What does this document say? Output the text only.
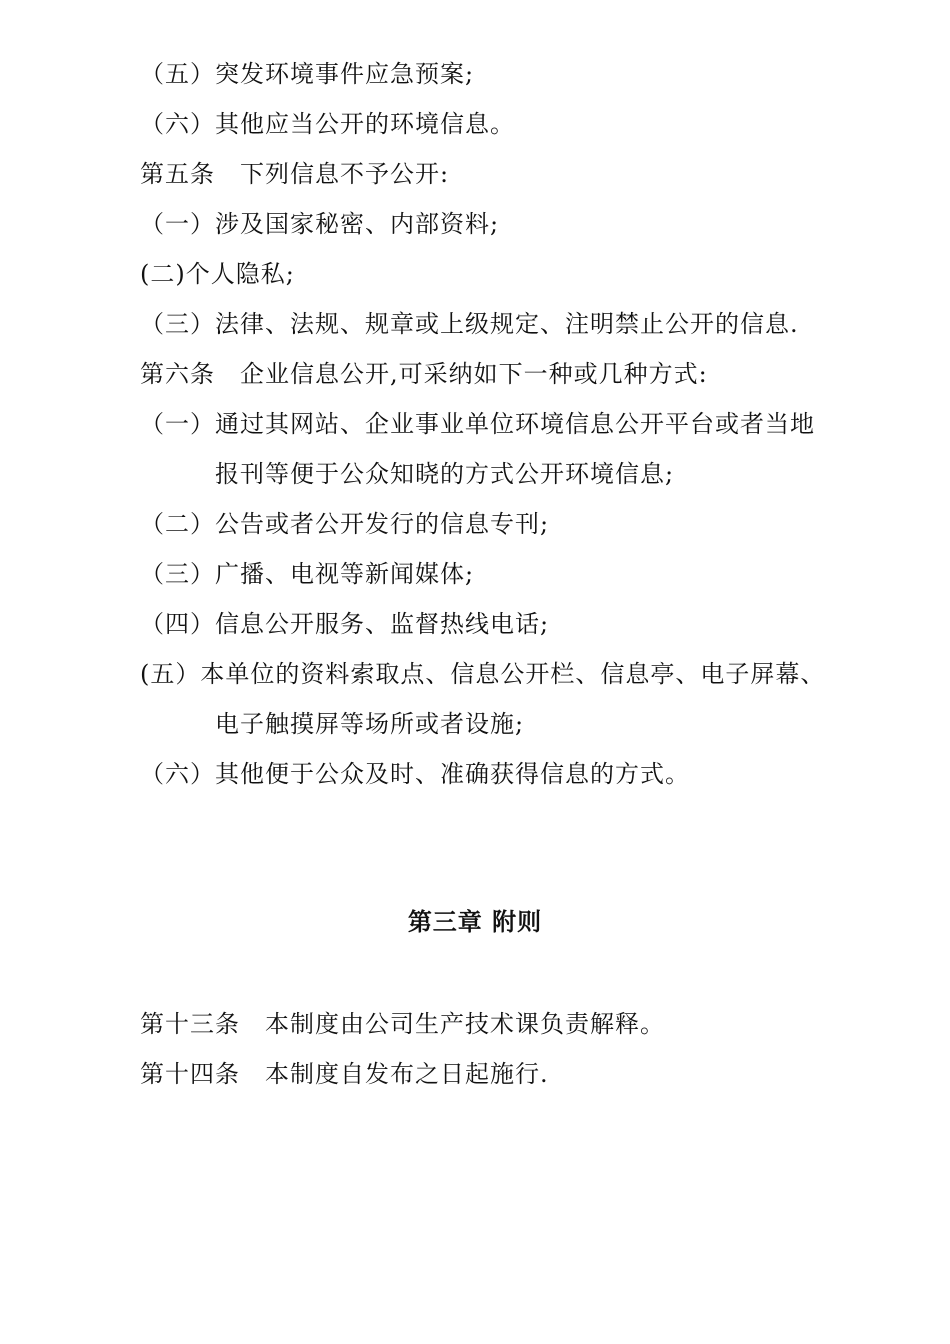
（五）突发环境事件应急预案;
（六）其他应当公开的环境信息。
第五条　下列信息不予公开:
（一）涉及国家秘密、内部资料;
(二)个人隐私;
（三）法律、法规、规章或上级规定、注明禁止公开的信息.
第六条　企业信息公开,可采纳如下一种或几种方式:
（一）通过其网站、企业事业单位环境信息公开平台或者当地
报刊等便于公众知晓的方式公开环境信息;
（二）公告或者公开发行的信息专刊;
（三）广播、电视等新闻媒体;
（四）信息公开服务、监督热线电话;
(五）本单位的资料索取点、信息公开栏、信息亭、电子屏幕、
电子触摸屏等场所或者设施;
（六）其他便于公众及时、准确获得信息的方式。
第三章 附则
第十三条　本制度由公司生产技术课负责解释。
第十四条　本制度自发布之日起施行.
